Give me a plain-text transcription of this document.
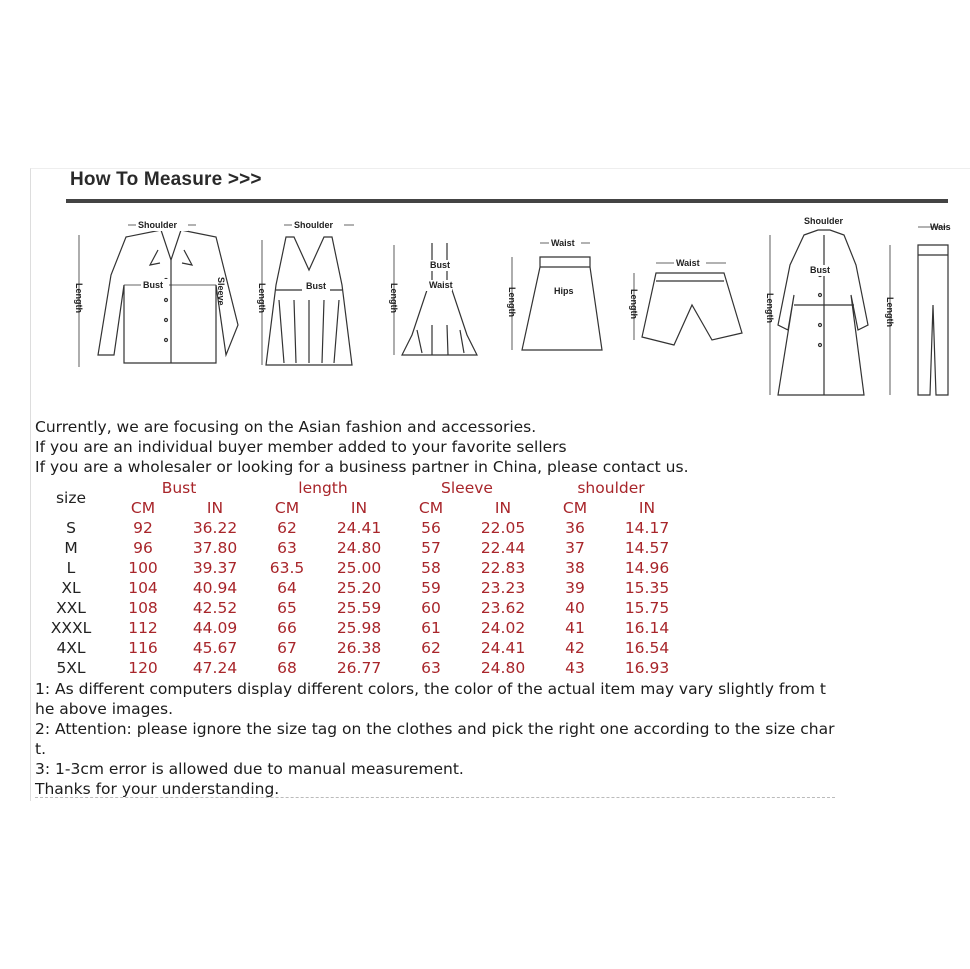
How To Measure >>>
Shoulder
Bust
Length	Sleeve
Shoulder
Bust
Length
Bust
Waist
Length
Waist
Hips
Length
Waist
Length
Shoulder
Bust
Length
Wais
Length
Currently, we are focusing on the Asian fashion and accessories.
If you are an individual buyer member added to your favorite sellers
If you are a wholesaler or looking for a business partner in China, please contact us.
size	Bust		length		Sleeve		shoulder	
	CM	IN	CM	IN	CM	IN	CM	IN
S	92	36.22	62	24.41	56	22.05	36	14.17
M	96	37.80	63	24.80	57	22.44	37	14.57
L	100	39.37	63.5	25.00	58	22.83	38	14.96
XL	104	40.94	64	25.20	59	23.23	39	15.35
XXL	108	42.52	65	25.59	60	23.62	40	15.75
XXXL	112	44.09	66	25.98	61	24.02	41	16.14
4XL	116	45.67	67	26.38	62	24.41	42	16.54
5XL	120	47.24	68	26.77	63	24.80	43	16.93
1: As different computers display different colors, the color of the actual item may vary slightly from t
he above images.
2: Attention: please ignore the size tag on the clothes and pick the right one according to the size char
t.
3: 1-3cm error is allowed due to manual measurement.
Thanks for your understanding.
